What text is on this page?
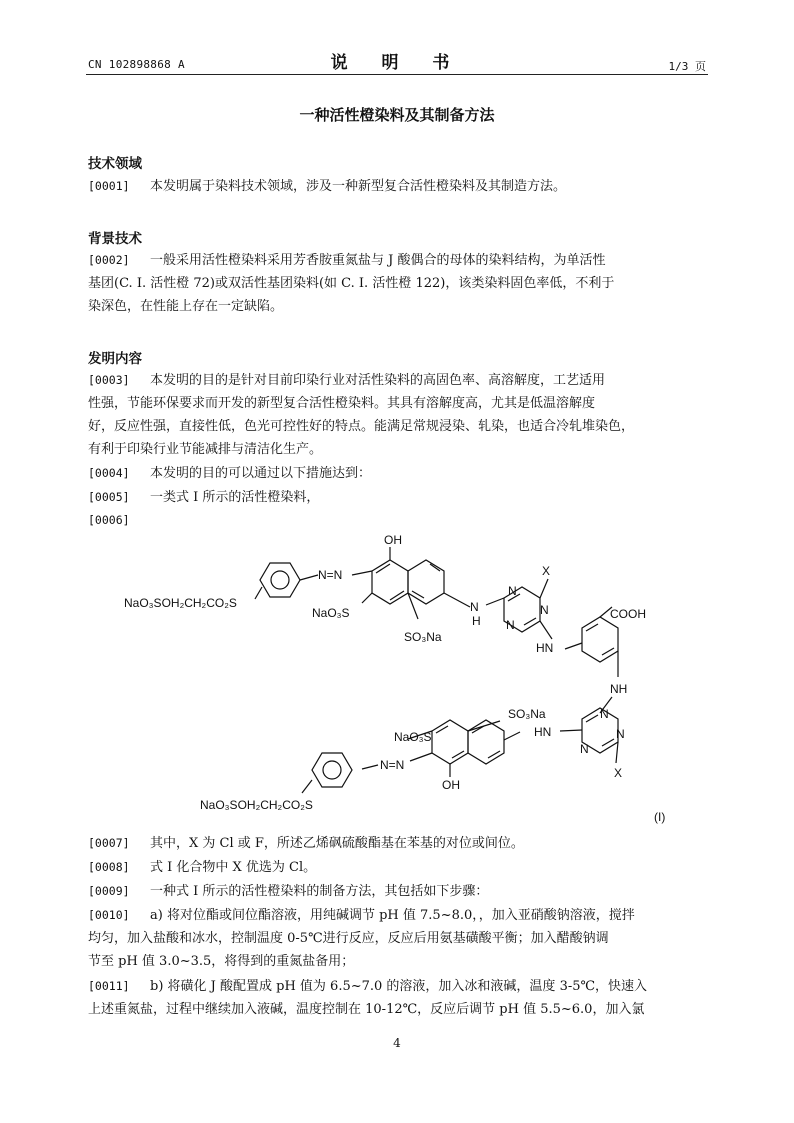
CN 102898868 A	说 明 书	1/3 页
一种活性橙染料及其制备方法
技术领域
[0001] 本发明属于染料技术领域，涉及一种新型复合活性橙染料及其制造方法。
背景技术
[0002] 一般采用活性橙染料采用芳香胺重氮盐与 J 酸偶合的母体的染料结构，为单活性
基团(C. I. 活性橙 72)或双活性基团染料(如 C. I. 活性橙 122)，该类染料固色率低，不利于
染深色，在性能上存在一定缺陷。
发明内容
[0003] 本发明的目的是针对目前印染行业对活性染料的高固色率、高溶解度，工艺适用
性强，节能环保要求而开发的新型复合活性橙染料。其具有溶解度高，尤其是低温溶解度
好，反应性强，直接性低，色光可控性好的特点。能满足常规浸染、轧染，也适合冷轧堆染色，
有利于印染行业节能减排与清洁化生产。
[0004] 本发明的目的可以通过以下措施达到：
[0005] 一类式 I 所示的活性橙染料，
[0006]
OH
X
NaO₃SOH₂CH₂CO₂S
N=N
NaO₃S
SO₃Na
N
H
N
N
N
COOH
HN
NH
SO₃Na
HN
N
N
N
X
NaO₃S
N=N
OH
NaO₃SOH₂CH₂CO₂S
(I)
[0007] 其中，X 为 Cl 或 F，所述乙烯砜硫酸酯基在苯基的对位或间位。
[0008] 式 I 化合物中 X 优选为 Cl。
[0009] 一种式 I 所示的活性橙染料的制备方法，其包括如下步骤：
[0010] a) 将对位酯或间位酯溶液，用纯碱调节 pH 值 7.5~8.0，，加入亚硝酸钠溶液，搅拌
均匀，加入盐酸和冰水，控制温度 0-5℃进行反应，反应后用氨基磺酸平衡；加入醋酸钠调
节至 pH 值 3.0~3.5，将得到的重氮盐备用；
[0011] b) 将磺化 J 酸配置成 pH 值为 6.5~7.0 的溶液，加入冰和液碱，温度 3-5℃，快速入
上述重氮盐，过程中继续加入液碱，温度控制在 10-12℃，反应后调节 pH 值 5.5~6.0，加入氯
4
